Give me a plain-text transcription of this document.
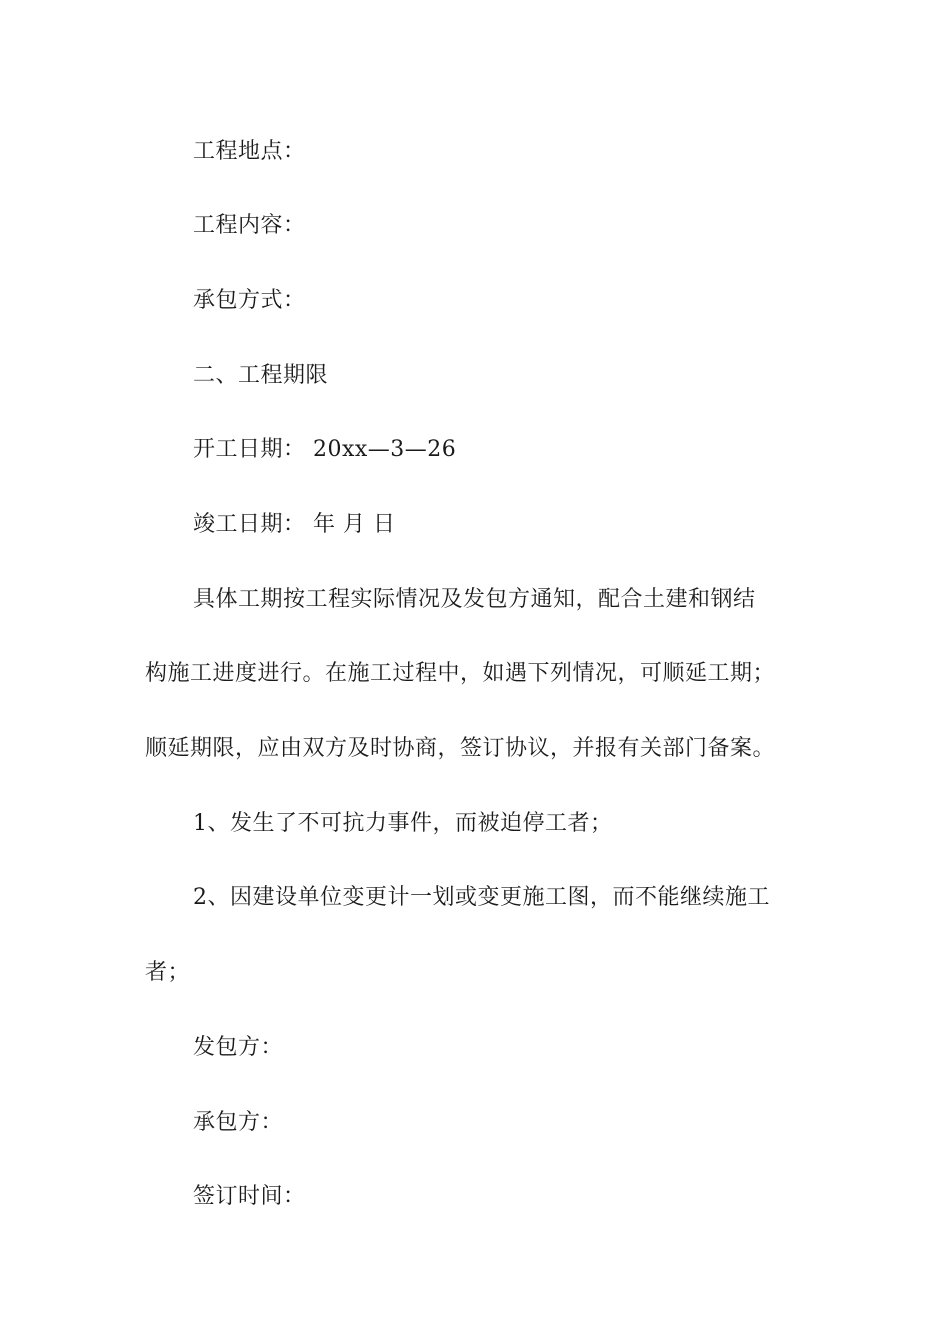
工程地点：
工程内容：
承包方式：
二、工程期限
开工日期： 20xx—3—26
竣工日期： 年 月 日
具体工期按工程实际情况及发包方通知，配合土建和钢结
构施工进度进行。在施工过程中，如遇下列情况，可顺延工期；
顺延期限，应由双方及时协商，签订协议，并报有关部门备案。
1、发生了不可抗力事件，而被迫停工者；
2、因建设单位变更计一划或变更施工图，而不能继续施工
者；
发包方：
承包方：
签订时间：
